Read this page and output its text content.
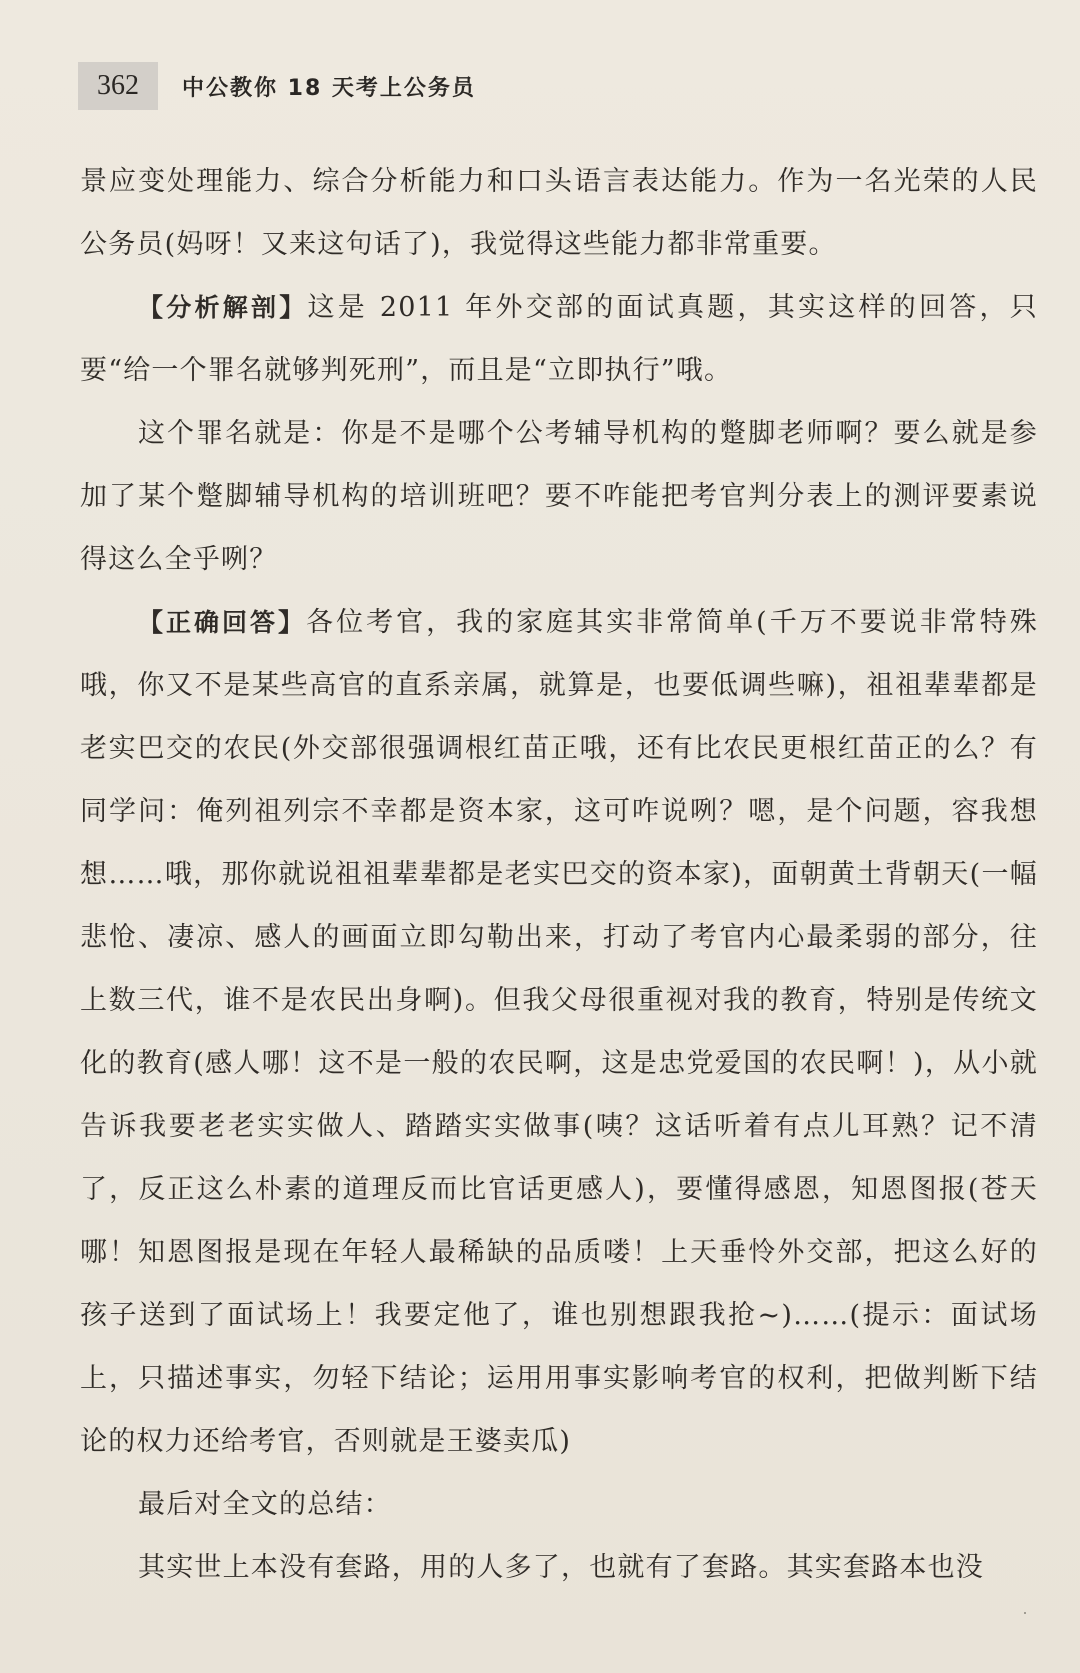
362	中公教你 18 天考上公务员

景应变处理能力、综合分析能力和口头语言表达能力。作为一名光荣的人民公务员(妈呀！又来这句话了)，我觉得这些能力都非常重要。

【分析解剖】这是 2011 年外交部的面试真题，其实这样的回答，只要“给一个罪名就够判死刑”，而且是“立即执行”哦。

这个罪名就是：你是不是哪个公考辅导机构的蹩脚老师啊？要么就是参加了某个蹩脚辅导机构的培训班吧？要不咋能把考官判分表上的测评要素说得这么全乎咧？

【正确回答】各位考官，我的家庭其实非常简单(千万不要说非常特殊哦，你又不是某些高官的直系亲属，就算是，也要低调些嘛)，祖祖辈辈都是老实巴交的农民(外交部很强调根红苗正哦，还有比农民更根红苗正的么？有同学问：俺列祖列宗不幸都是资本家，这可咋说咧？嗯，是个问题，容我想想……哦，那你就说祖祖辈辈都是老实巴交的资本家)，面朝黄土背朝天(一幅悲怆、凄凉、感人的画面立即勾勒出来，打动了考官内心最柔弱的部分，往上数三代，谁不是农民出身啊)。但我父母很重视对我的教育，特别是传统文化的教育(感人哪！这不是一般的农民啊，这是忠党爱国的农民啊！)，从小就告诉我要老老实实做人、踏踏实实做事(咦？这话听着有点儿耳熟？记不清了，反正这么朴素的道理反而比官话更感人)，要懂得感恩，知恩图报(苍天哪！知恩图报是现在年轻人最稀缺的品质喽！上天垂怜外交部，把这么好的孩子送到了面试场上！我要定他了，谁也别想跟我抢~)……(提示：面试场上，只描述事实，勿轻下结论；运用用事实影响考官的权利，把做判断下结论的权力还给考官，否则就是王婆卖瓜)

最后对全文的总结：

其实世上本没有套路，用的人多了，也就有了套路。其实套路本也没
